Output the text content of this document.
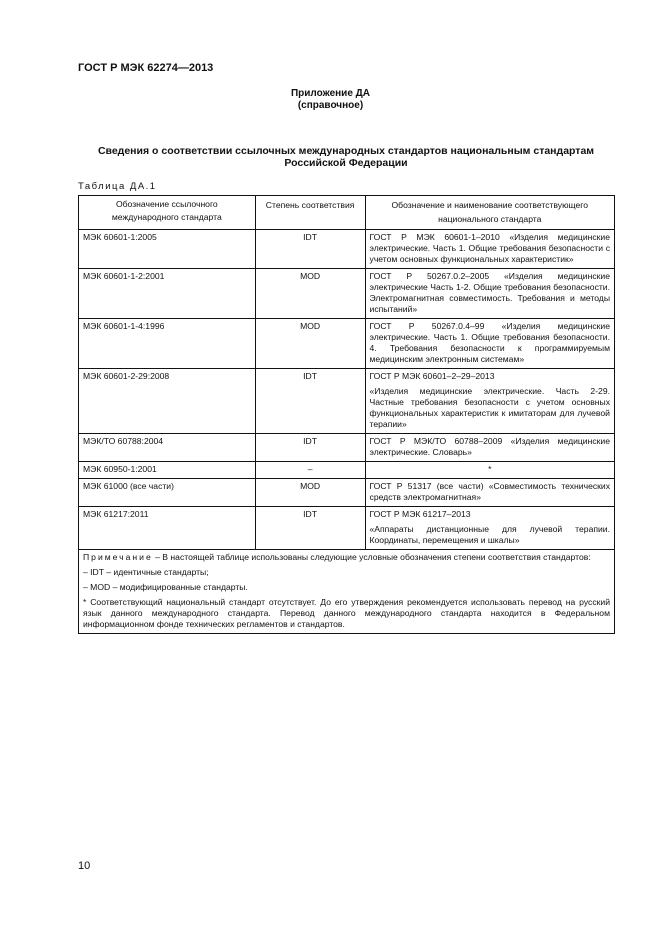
ГОСТ Р МЭК 62274—2013
Приложение ДА
(справочное)
Сведения о соответствии ссылочных международных стандартов национальным стандартам Российской Федерации
Таблица ДА.1
Обозначение ссылочного международного стандарта	Степень соответствия	Обозначение и наименование соответствующего национального стандарта
МЭК 60601-1:2005	IDT	ГОСТ Р МЭК 60601-1–2010 «Изделия медицинские электрические. Часть 1. Общие требования безопасности с учетом основных функциональных характеристик»

МЭК 60601-1-2:2001	MOD	ГОСТ Р 50267.0.2–2005 «Изделия медицинские электрические Часть 1-2. Общие требования безопасности. Электромагнитная совместимость. Требования и методы испытаний»

МЭК 60601-1-4:1996	MOD	ГОСТ Р 50267.0.4–99 «Изделия медицинские электрические. Часть 1. Общие требования безопасности. 4. Требования безопасности к программируемым медицинским электронным системам»

МЭК 60601-2-29:2008	IDT	ГОСТ Р МЭК 60601–2–29–2013

«Изделия медицинские электрические. Часть 2-29. Частные требования безопасности с учетом основных функциональных характеристик к имитаторам для лучевой терапии»

МЭК/ТО 60788:2004	IDT	ГОСТ Р МЭК/ТО 60788–2009 «Изделия медицинские электрические. Словарь»

МЭК 60950-1:2001	–	*

МЭК 61000 (все части)	MOD	ГОСТ Р 51317 (все части) «Совместимость технических средств электромагнитная»

МЭК 61217:2011	IDT	ГОСТ Р МЭК 61217–2013

«Аппараты дистанционные для лучевой терапии. Координаты, перемещения и шкалы»

Примечание – В настоящей таблице использованы следующие условные обозначения степени соответствия стандартов:

– IDT – идентичные стандарты;

– MOD – модифицированные стандарты.

* Соответствующий национальный стандарт отсутствует. До его утверждения рекомендуется использовать перевод на русский язык данного международного стандарта. Перевод данного международного стандарта находится в Федеральном информационном фонде технических регламентов и стандартов.		

10
